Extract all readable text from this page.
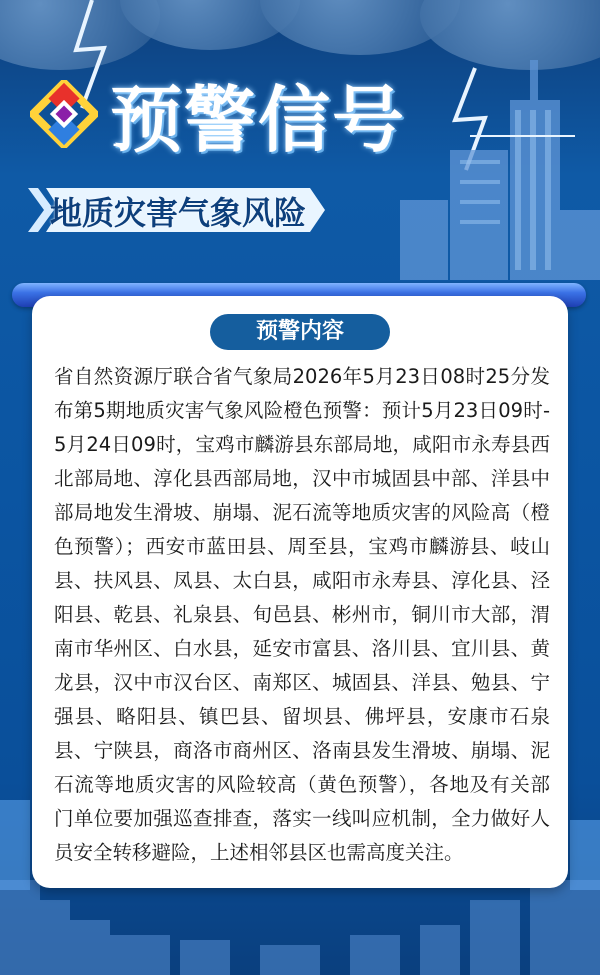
预警信号
地质灾害气象风险
预警内容

省自然资源厅联合省气象局2026年5月23日08时25分发布第5期地质灾害气象风险橙色预警：预计5月23日09时-5月24日09时，宝鸡市麟游县东部局地，咸阳市永寿县西北部局地、淳化县西部局地，汉中市城固县中部、洋县中部局地发生滑坡、崩塌、泥石流等地质灾害的风险高（橙色预警）；西安市蓝田县、周至县，宝鸡市麟游县、岐山县、扶风县、凤县、太白县，咸阳市永寿县、淳化县、泾阳县、乾县、礼泉县、旬邑县、彬州市，铜川市大部，渭南市华州区、白水县，延安市富县、洛川县、宜川县、黄龙县，汉中市汉台区、南郑区、城固县、洋县、勉县、宁强县、略阳县、镇巴县、留坝县、佛坪县，安康市石泉县、宁陕县，商洛市商州区、洛南县发生滑坡、崩塌、泥石流等地质灾害的风险较高（黄色预警），各地及有关部门单位要加强巡查排查，落实一线叫应机制，全力做好人员安全转移避险，上述相邻县区也需高度关注。
